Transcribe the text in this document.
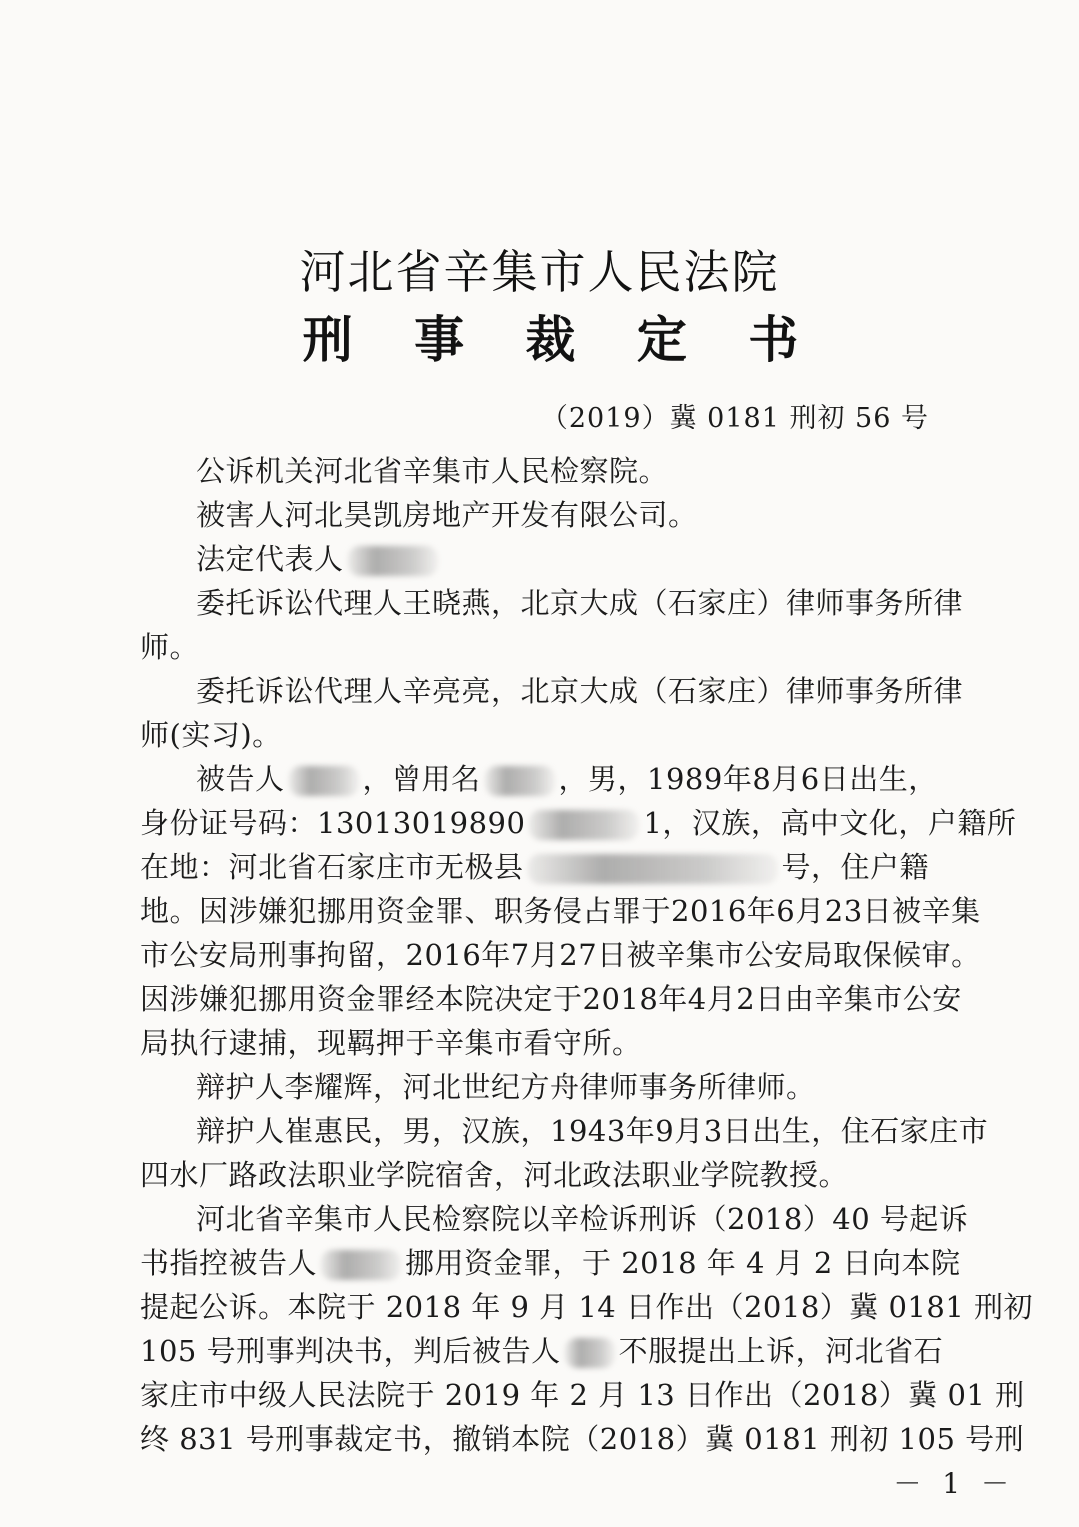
河北省辛集市人民法院
刑 事 裁 定 书
（2019）冀 0181 刑初 56 号
公诉机关河北省辛集市人民检察院。
被害人河北昊凯房地产开发有限公司。
法定代表人
委托诉讼代理人王晓燕，北京大成（石家庄）律师事务所律
师。
委托诉讼代理人辛亮亮，北京大成（石家庄）律师事务所律
师(实习)。
被告人	，曾用名	，男，1989年8月6日出生，
身份证号码：13013019890	1，汉族，高中文化，户籍所
在地：河北省石家庄市无极县	号，住户籍
地。因涉嫌犯挪用资金罪、职务侵占罪于2016年6月23日被辛集
市公安局刑事拘留，2016年7月27日被辛集市公安局取保候审。
因涉嫌犯挪用资金罪经本院决定于2018年4月2日由辛集市公安
局执行逮捕，现羁押于辛集市看守所。
辩护人李耀辉，河北世纪方舟律师事务所律师。
辩护人崔惠民，男，汉族，1943年9月3日出生，住石家庄市
四水厂路政法职业学院宿舍，河北政法职业学院教授。
河北省辛集市人民检察院以辛检诉刑诉（2018）40 号起诉
书指控被告人	挪用资金罪，于 2018 年 4 月 2 日向本院
提起公诉。本院于 2018 年 9 月 14 日作出（2018）冀 0181 刑初
105 号刑事判决书，判后被告人 不服提出上诉，河北省石
家庄市中级人民法院于 2019 年 2 月 13 日作出（2018）冀 01 刑
终 831 号刑事裁定书，撤销本院（2018）冀 0181 刑初 105 号刑
－ 1 －
